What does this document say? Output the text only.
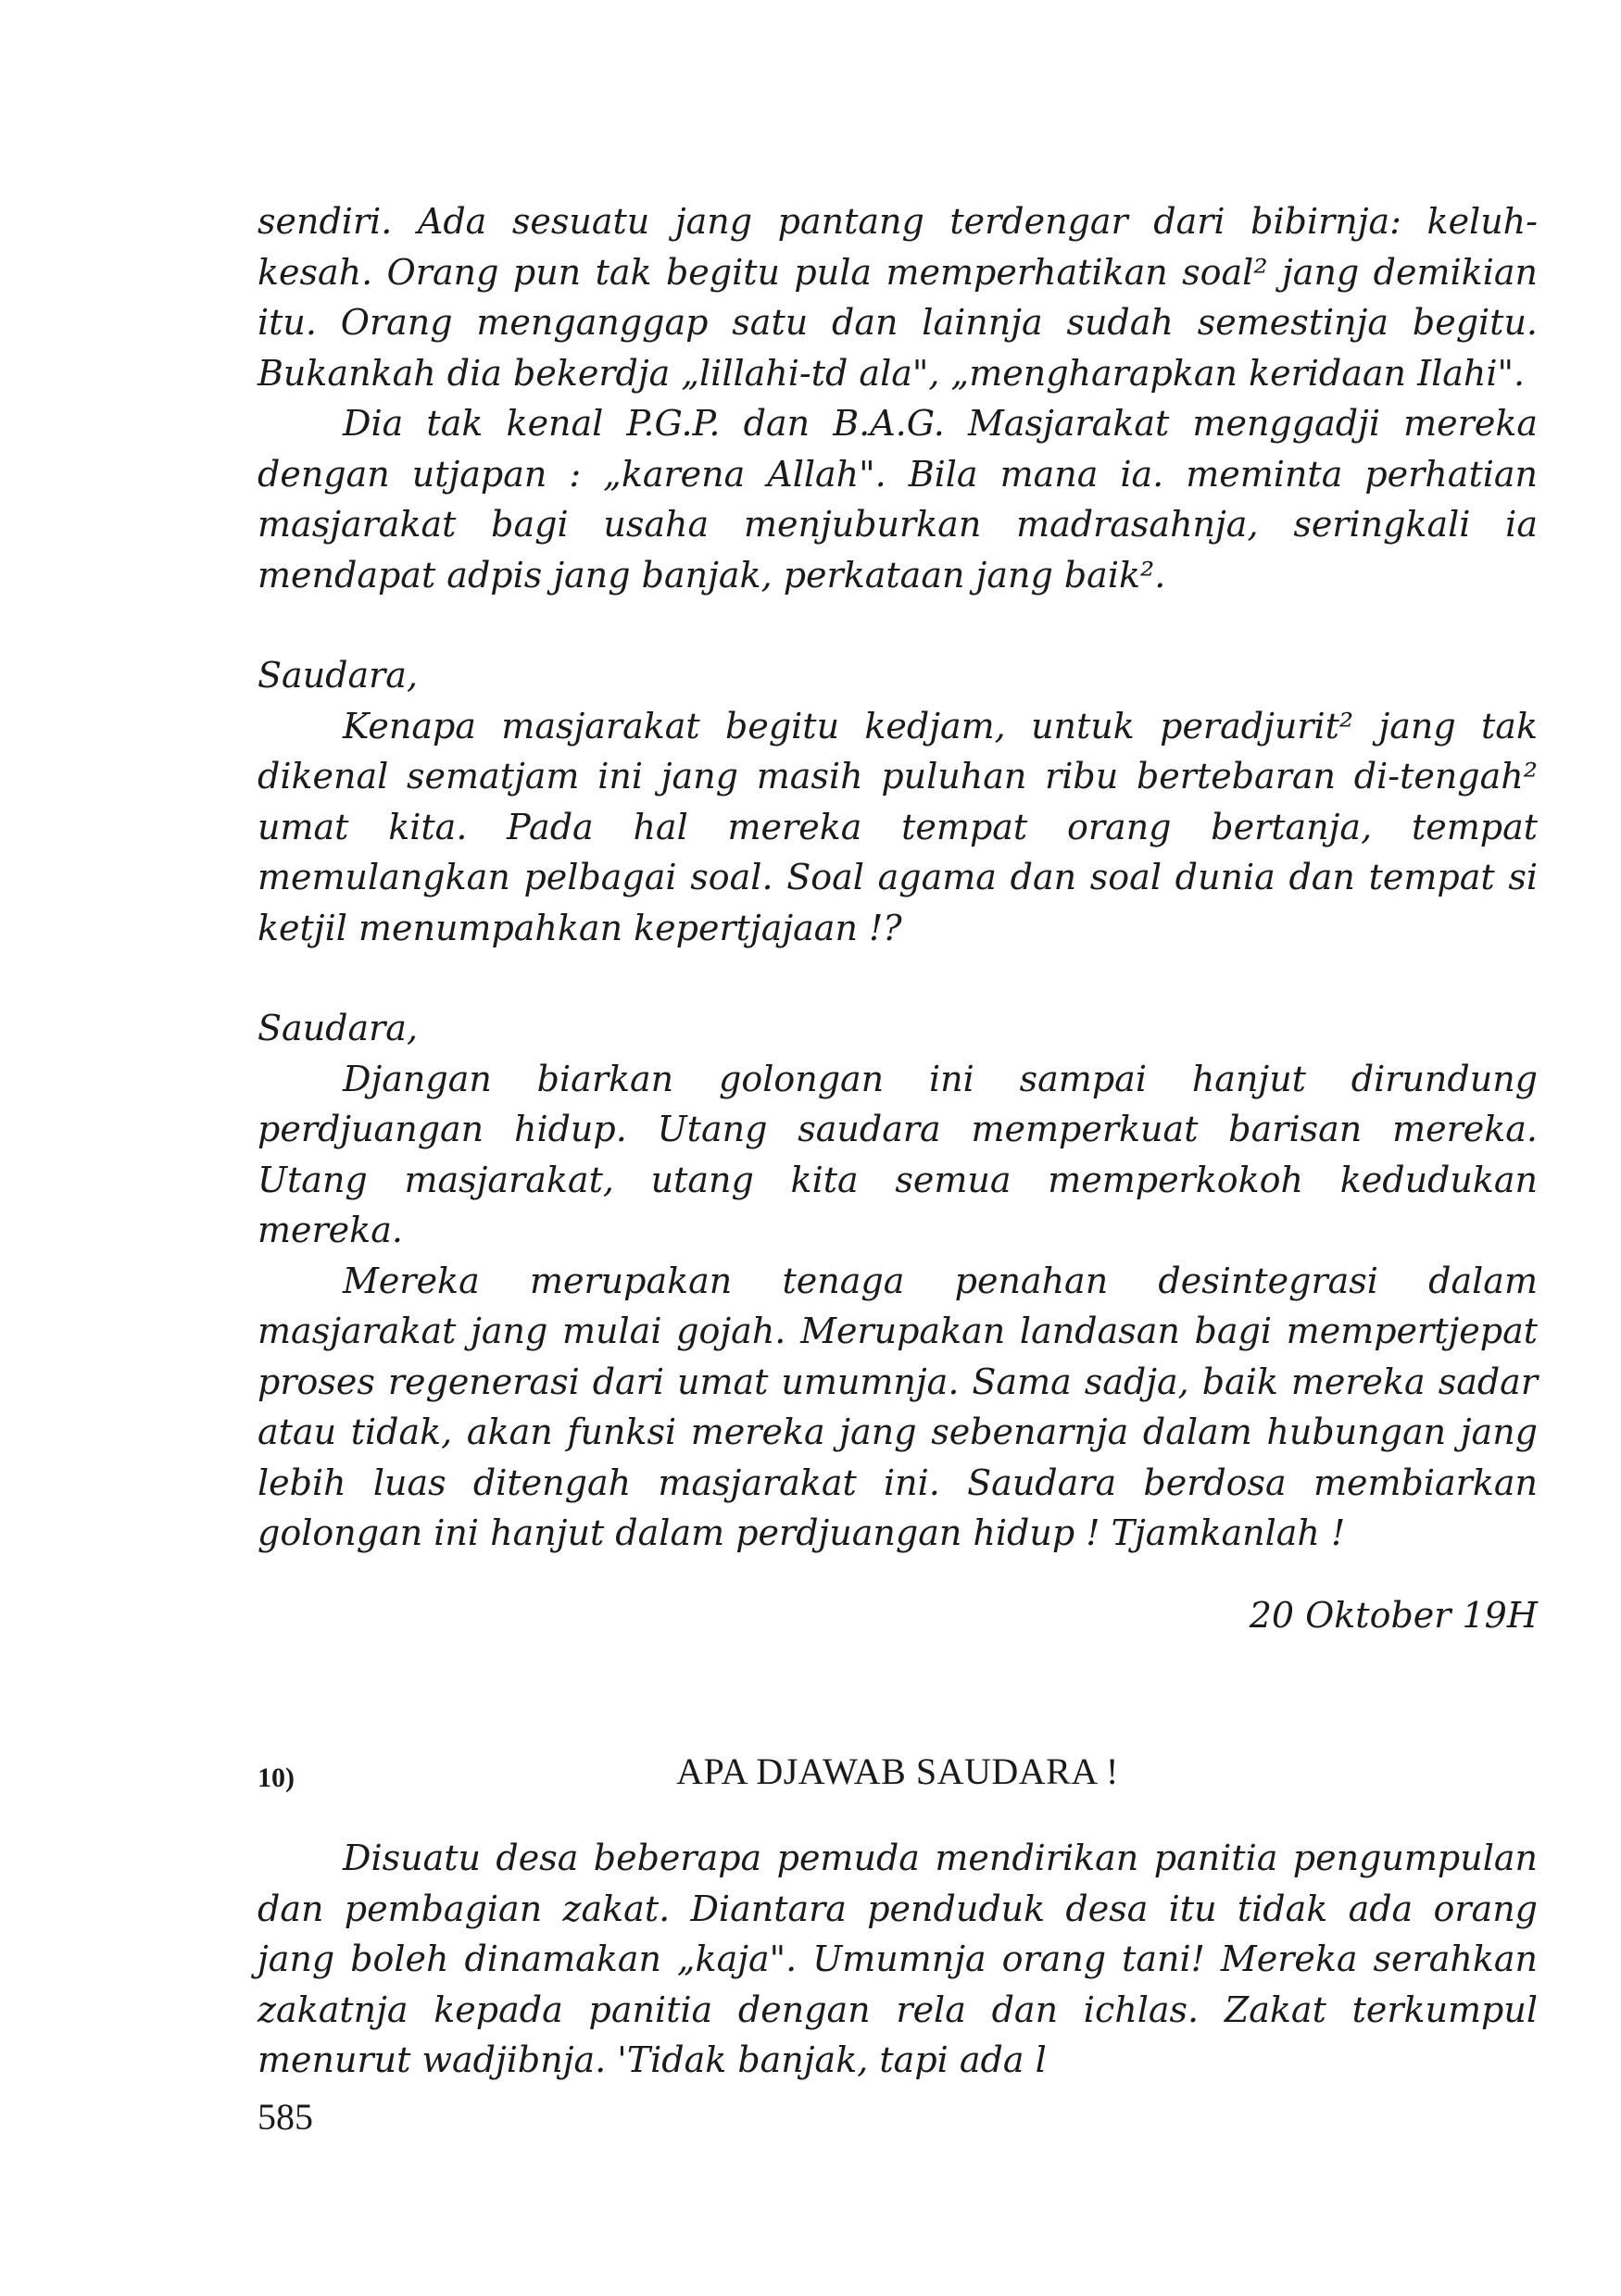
sendiri. Ada sesuatu jang pantang terdengar dari bibirnja: keluh-kesah. Orang pun tak begitu pula memperhatikan soal² jang demikian itu. Orang menganggap satu dan lainnja sudah semestinja begitu. Bukankah dia bekerdja „lillahi-td ala", „mengharapkan keridaan Ilahi".

Dia tak kenal P.G.P. dan B.A.G. Masjarakat menggadji mereka dengan utjapan : „karena Allah". Bila mana ia. meminta perhatian masjarakat bagi usaha menjuburkan madrasahnja, seringkali ia mendapat adpis jang banjak, perkataan jang baik².

Saudara,

Kenapa masjarakat begitu kedjam, untuk peradjurit² jang tak dikenal sematjam ini jang masih puluhan ribu bertebaran di-tengah² umat kita. Pada hal mereka tempat orang bertanja, tempat memulangkan pelbagai soal. Soal agama dan soal dunia dan tempat si ketjil menumpahkan kepertjajaan !?

Saudara,

Djangan biarkan golongan ini sampai hanjut dirundung perdjuangan hidup. Utang saudara memperkuat barisan mereka. Utang masjarakat, utang kita semua memperkokoh kedudukan mereka.

Mereka merupakan tenaga penahan desintegrasi dalam masjarakat jang mulai gojah. Merupakan landasan bagi mempertjepat proses regenerasi dari umat umumnja. Sama sadja, baik mereka sadar atau tidak, akan funksi mereka jang sebenarnja dalam hubungan jang lebih luas ditengah masjarakat ini. Saudara berdosa membiarkan golongan ini hanjut dalam perdjuangan hidup ! Tjamkanlah !

20 Oktober 19H

10)	APA DJAWAB SAUDARA !

Disuatu desa beberapa pemuda mendirikan panitia pengumpulan dan pembagian zakat. Diantara penduduk desa itu tidak ada orang jang boleh dinamakan „kaja". Umumnja orang tani! Mereka serahkan zakatnja kepada panitia dengan rela dan ichlas. Zakat terkumpul menurut wadjibnja. 'Tidak banjak, tapi ada l

585
